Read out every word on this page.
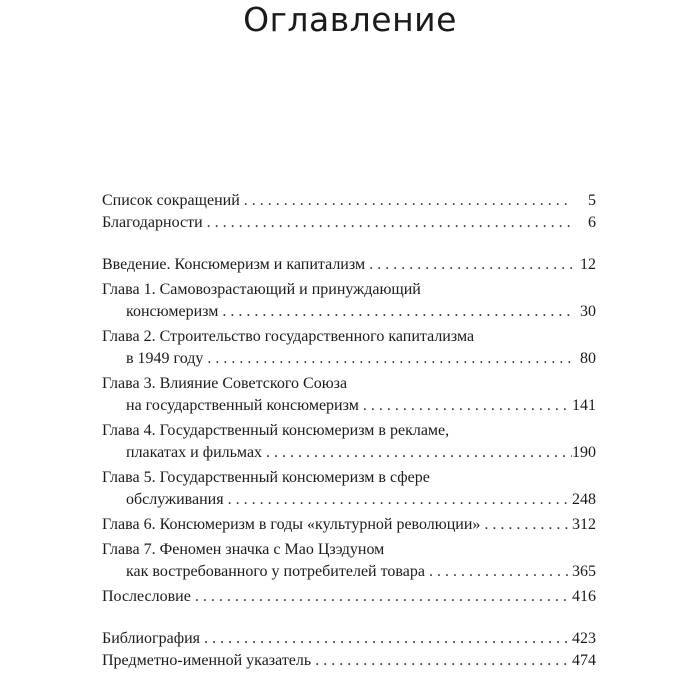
Оглавление
Список сокращений . . .	5
Благодарности . . .	6
Введение. Консюмеризм и капитализм . . .	12
Глава 1. Самовозрастающий и принуждающий
консюмеризм . . .	30
Глава 2. Строительство государственного капитализма
в 1949 году . . .	80
Глава 3. Влияние Советского Союза
на государственный консюмеризм . . .	141
Глава 4. Государственный консюмеризм в рекламе,
плакатах и фильмах . . .	190
Глава 5. Государственный консюмеризм в сфере
обслуживания . . .	248
Глава 6. Консюмеризм в годы «культурной революции» . . .	312
Глава 7. Феномен значка с Мао Цзэдуном
как востребованного у потребителей товара . . .	365
Послесловие . . .	416
Библиография . . .	423
Предметно-именной указатель . . .	474
